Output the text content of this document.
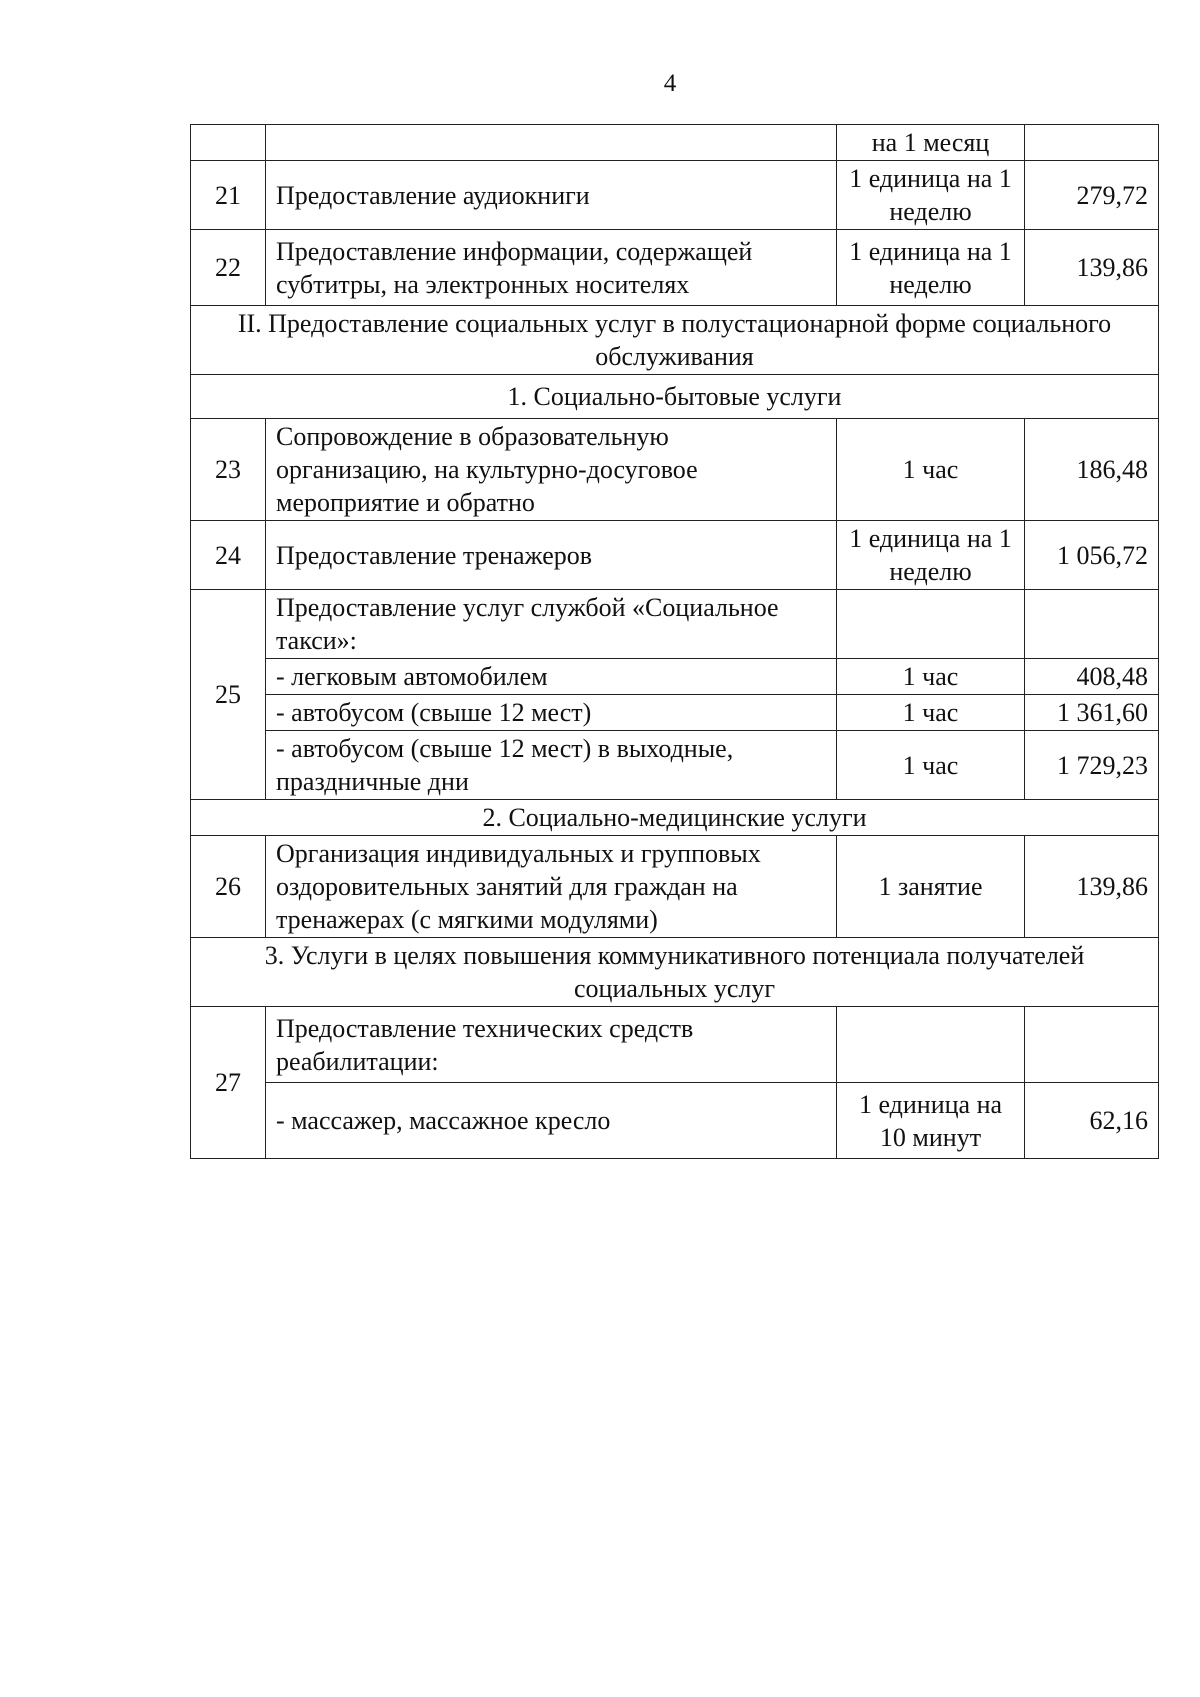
4
		на 1 месяц	
21	Предоставление аудиокниги	1 единица на 1 неделю	279,72
22	Предоставление информации, содержащей субтитры, на электронных носителях	1 единица на 1 неделю	139,86
II. Предоставление социальных услуг в полустационарной форме социального обслуживания			
1. Социально-бытовые услуги			
23	Сопровождение в образовательную организацию, на культурно-досуговое мероприятие и обратно	1 час	186,48
24	Предоставление тренажеров	1 единица на 1 неделю	1 056,72
25	Предоставление услуг службой «Социальное такси»:		
	- легковым автомобилем	1 час	408,48
	- автобусом (свыше 12 мест)	1 час	1 361,60
	- автобусом (свыше 12 мест) в выходные, праздничные дни	1 час	1 729,23
2. Социально-медицинские услуги			
26	Организация индивидуальных и групповых оздоровительных занятий для граждан на тренажерах (с мягкими модулями)	1 занятие	139,86
3. Услуги в целях повышения коммуникативного потенциала получателей социальных услуг			
27	Предоставление технических средств реабилитации:		
	- массажер, массажное кресло	1 единица на 10 минут	62,16
